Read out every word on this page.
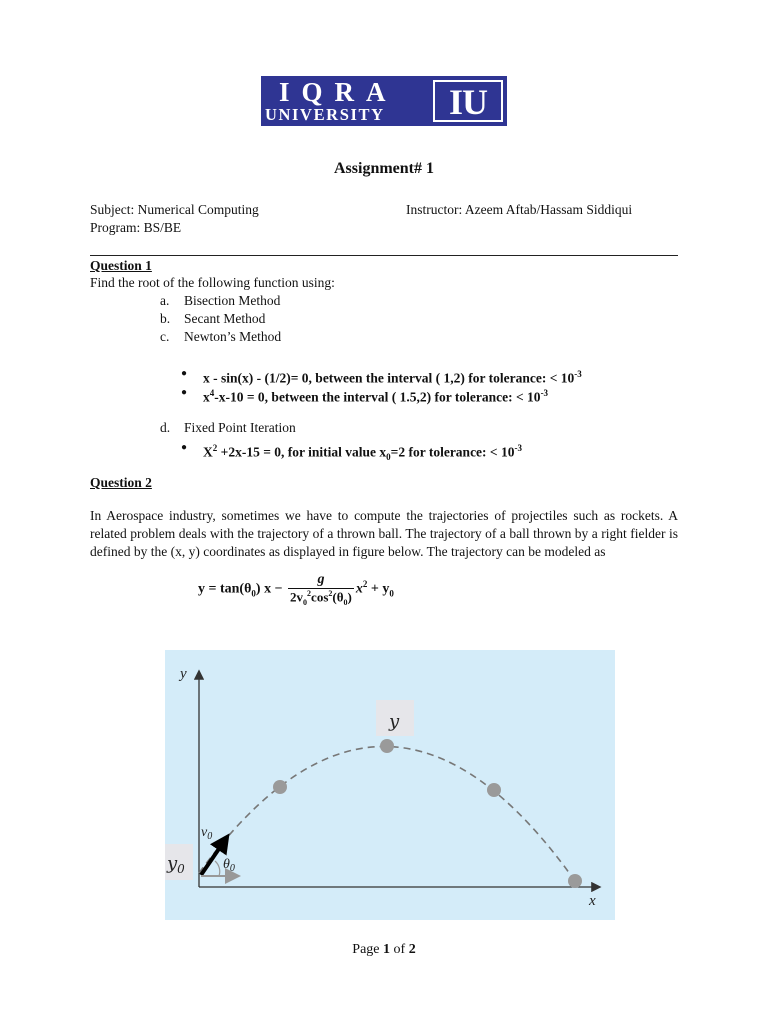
IQRA
UNIVERSITY	IU
Assignment# 1
Subject: Numerical Computing	Instructor: Azeem Aftab/Hassam Siddiqui
Program: BS/BE
Question 1
Find the root of the following function using:
a. Bisection Method
b. Secant Method
c. Newton’s Method
● x - sin(x) - (1/2)= 0, between the interval ( 1,2) for tolerance: < $10^{-3}$
● $x^4-x-10 = 0$, between the interval ( 1.5,2) for tolerance: < $10^{-3}$
d. Fixed Point Iteration
● $X^2 +2x-15 = 0$, for initial value $x_0=2$ for tolerance: < $10^{-3}$
Question 2
In Aerospace industry, sometimes we have to compute the trajectories of projectiles such as rockets. A related problem deals with the trajectory of a thrown ball. The trajectory of a ball thrown by a right fielder is defined by the (x, y) coordinates as displayed in figure below. The trajectory can be modeled as
$y = \tan(\theta_0) x - \frac{g}{2v_0^2\cos^2(\theta_0)} x^2 + y_0$
y
x
y
$y_0$
$v_0$
$\theta_0$
Page 1 of 2
